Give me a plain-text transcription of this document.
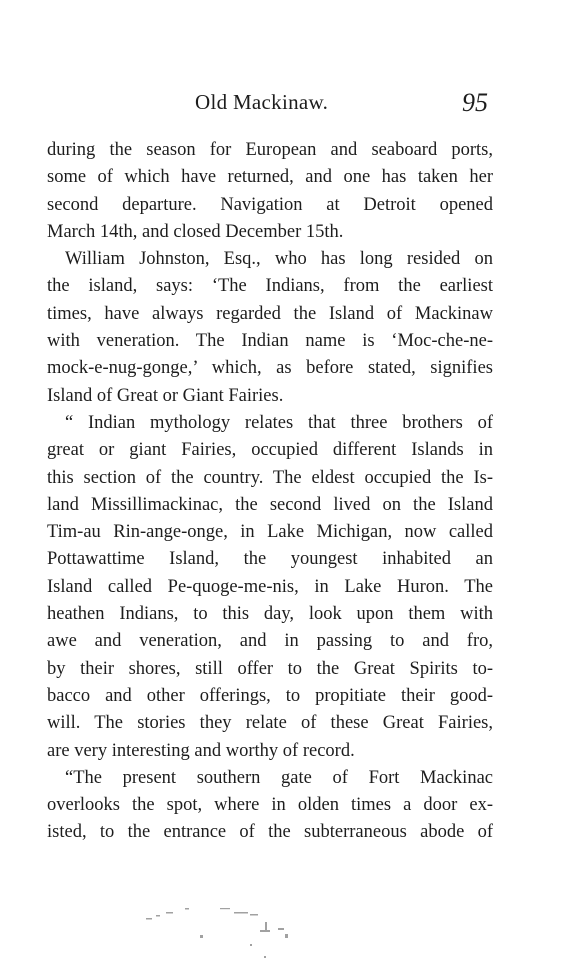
Old Mackinaw.	95
during the season for European and seaboard ports,
some of which have returned, and one has taken her
second departure. Navigation at Detroit opened
March 14th, and closed December 15th.
William Johnston, Esq., who has long resided on
the island, says: ‘The Indians, from the earliest
times, have always regarded the Island of Mackinaw
with veneration. The Indian name is ‘Moc-che-ne-
mock-e-nug-gonge,’ which, as before stated, signifies
Island of Great or Giant Fairies.
“ Indian mythology relates that three brothers of
great or giant Fairies, occupied different Islands in
this section of the country. The eldest occupied the Is-
land Missillimackinac, the second lived on the Island
Tim-au Rin-ange-onge, in Lake Michigan, now called
Pottawattime Island, the youngest inhabited an
Island called Pe-quoge-me-nis, in Lake Huron. The
heathen Indians, to this day, look upon them with
awe and veneration, and in passing to and fro,
by their shores, still offer to the Great Spirits to-
bacco and other offerings, to propitiate their good-
will. The stories they relate of these Great Fairies,
are very interesting and worthy of record.
“The present southern gate of Fort Mackinac
overlooks the spot, where in olden times a door ex-
isted, to the entrance of the subterraneous abode of
